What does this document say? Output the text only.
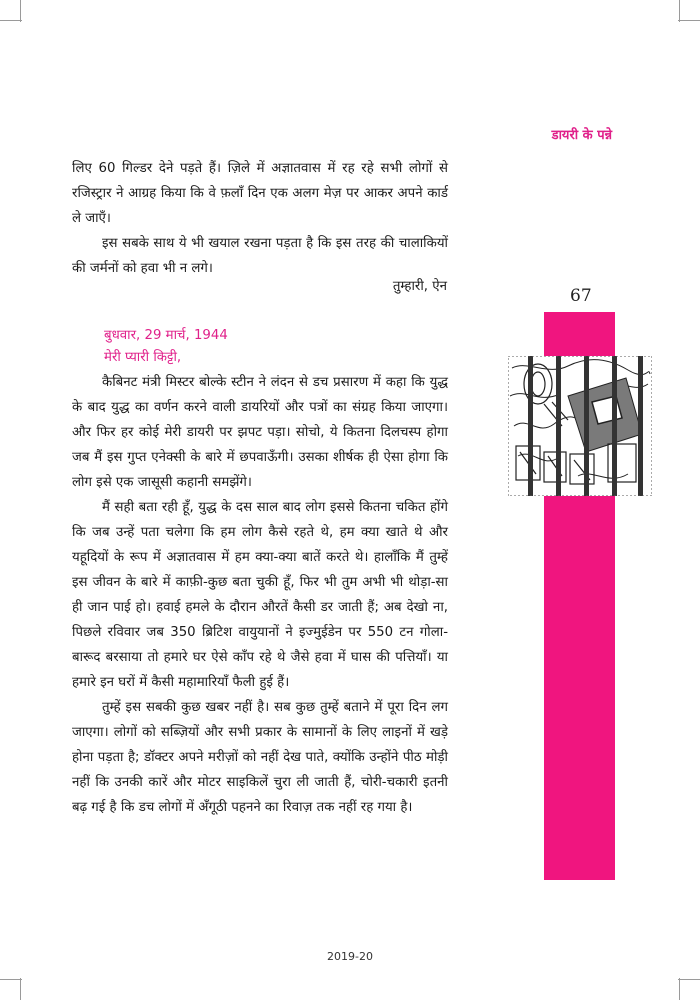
डायरी के पन्ने
67

लिए 60 गिल्डर देने पड़ते हैं। ज़िले में अज्ञातवास में रह रहे सभी लोगों से रजिस्ट्रार ने आग्रह किया कि वे फ़लाँ दिन एक अलग मेज़ पर आकर अपने कार्ड ले जाएँ।

इस सबके साथ ये भी खयाल रखना पड़ता है कि इस तरह की चालाकियों की जर्मनों को हवा भी न लगे।

तुम्हारी, ऐन
बुधवार, 29 मार्च, 1944
मेरी प्यारी किट्टी,

कैबिनट मंत्री मिस्टर बोल्के स्टीन ने लंदन से डच प्रसारण में कहा कि युद्ध के बाद युद्ध का वर्णन करने वाली डायरियों और पत्रों का संग्रह किया जाएगा। और फिर हर कोई मेरी डायरी पर झपट पड़ा। सोचो, ये कितना दिलचस्प होगा जब मैं इस गुप्त एनेक्सी के बारे में छपवाऊँगी। उसका शीर्षक ही ऐसा होगा कि लोग इसे एक जासूसी कहानी समझेंगे।

मैं सही बता रही हूँ, युद्ध के दस साल बाद लोग इससे कितना चकित होंगे कि जब उन्हें पता चलेगा कि हम लोग कैसे रहते थे, हम क्या खाते थे और यहूदियों के रूप में अज्ञातवास में हम क्या-क्या बातें करते थे। हालाँकि मैं तुम्हें इस जीवन के बारे में काफ़ी-कुछ बता चुकी हूँ, फिर भी तुम अभी भी थोड़ा-सा ही जान पाई हो। हवाई हमले के दौरान औरतें कैसी डर जाती हैं; अब देखो ना, पिछले रविवार जब 350 ब्रिटिश वायुयानों ने इज्मुईडेन पर 550 टन गोला-बारूद बरसाया तो हमारे घर ऐसे काँप रहे थे जैसे हवा में घास की पत्तियाँ। या हमारे इन घरों में कैसी महामारियाँ फैली हुई हैं।

तुम्हें इस सबकी कुछ खबर नहीं है। सब कुछ तुम्हें बताने में पूरा दिन लग जाएगा। लोगों को सब्ज़ियों और सभी प्रकार के सामानों के लिए लाइनों में खड़े होना पड़ता है; डॉक्टर अपने मरीज़ों को नहीं देख पाते, क्योंकि उन्होंने पीठ मोड़ी नहीं कि उनकी कारें और मोटर साइकिलें चुरा ली जाती हैं, चोरी-चकारी इतनी बढ़ गई है कि डच लोगों में अँगूठी पहनने का रिवाज़ तक नहीं रह गया है।

2019-20
